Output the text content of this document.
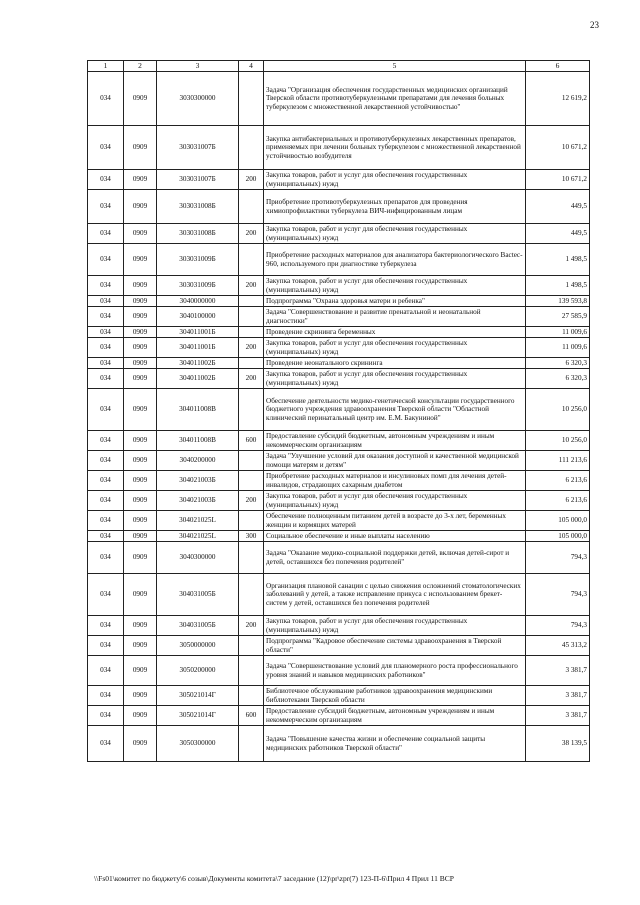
23
1	2	3	4	5	6
034	0909	3030300000		Задача "Организация обеспечения государственных медицинских организаций Тверской области противотуберкулезными препаратами для лечения больных туберкулезом с множественной лекарственной устойчивостью"	12 619,2
034	0909	303031007Б		Закупка антибактериальных и противотуберкулезных лекарственных препаратов, применяемых при лечении больных туберкулезом с множественной лекарственной устойчивостью возбудителя	10 671,2
034	0909	303031007Б	200	Закупка товаров, работ и услуг для обеспечения государственных (муниципальных) нужд	10 671,2
034	0909	303031008Б		Приобретение противотуберкулезных препаратов для проведения химиопрофилактики туберкулеза ВИЧ-инфицированным лицам	449,5
034	0909	303031008Б	200	Закупка товаров, работ и услуг для обеспечения государственных (муниципальных) нужд	449,5
034	0909	303031009Б		Приобретение расходных материалов для анализатора бактериологического Bactec-960, используемого при диагностике туберкулеза	1 498,5
034	0909	303031009Б	200	Закупка товаров, работ и услуг для обеспечения государственных (муниципальных) нужд	1 498,5
034	0909	3040000000		Подпрограмма "Охрана здоровья матери и ребенка"	139 593,8
034	0909	3040100000		Задача "Совершенствование и развитие пренатальной и неонатальной диагностики"	27 585,9
034	0909	304011001Б		Проведение скрининга беременных	11 009,6
034	0909	304011001Б	200	Закупка товаров, работ и услуг для обеспечения государственных (муниципальных) нужд	11 009,6
034	0909	304011002Б		Проведение неонатального скрининга	6 320,3
034	0909	304011002Б	200	Закупка товаров, работ и услуг для обеспечения государственных (муниципальных) нужд	6 320,3
034	0909	304011008В		Обеспечение деятельности медико-генетической консультации государственного бюджетного учреждения здравоохранения Тверской области "Областной клинический перинатальный центр им. Е.М. Бакуниной"	10 256,0
034	0909	304011008В	600	Предоставление субсидий бюджетным, автономным учреждениям и иным некоммерческим организациям	10 256,0
034	0909	3040200000		Задача "Улучшение условий для оказания доступной и качественной медицинской помощи матерям и детям"	111 213,6
034	0909	304021003Б		Приобретение расходных материалов и инсулиновых помп для лечения детей-инвалидов, страдающих сахарным диабетом	6 213,6
034	0909	304021003Б	200	Закупка товаров, работ и услуг для обеспечения государственных (муниципальных) нужд	6 213,6
034	0909	304021025L		Обеспечение полноценным питанием детей в возрасте до 3-х лет, беременных женщин и кормящих матерей	105 000,0
034	0909	304021025L	300	Социальное обеспечение и иные выплаты населению	105 000,0
034	0909	3040300000		Задача "Оказание медико-социальной поддержки детей, включая детей-сирот и детей, оставшихся без попечения родителей"	794,3
034	0909	304031005Б		Организация плановой санации с целью снижения осложнений стоматологических заболеваний у детей, а также исправление прикуса с использованием брекет-систем у детей, оставшихся без попечения родителей	794,3
034	0909	304031005Б	200	Закупка товаров, работ и услуг для обеспечения государственных (муниципальных) нужд	794,3
034	0909	3050000000		Подпрограмма "Кадровое обеспечение системы здравоохранения в Тверской области"	45 313,2
034	0909	3050200000		Задача "Совершенствование условий для планомерного роста профессионального уровня знаний и навыков медицинских работников"	3 381,7
034	0909	305021014Г		Библиотечное обслуживание работников здравоохранения медицинскими библиотеками Тверской области	3 381,7
034	0909	305021014Г	600	Предоставление субсидий бюджетным, автономным учреждениям и иным некоммерческим организациям	3 381,7
034	0909	3050300000		Задача "Повышение качества жизни и обеспечение социальной защиты медицинских работников Тверской области"	38 139,5
\\Fs01\комитет по бюджету\6 созыв\Документы комитета\7 заседание (12)\pr\zpr(7) 123-П-6\Прил 4 Прил 11 ВСР
